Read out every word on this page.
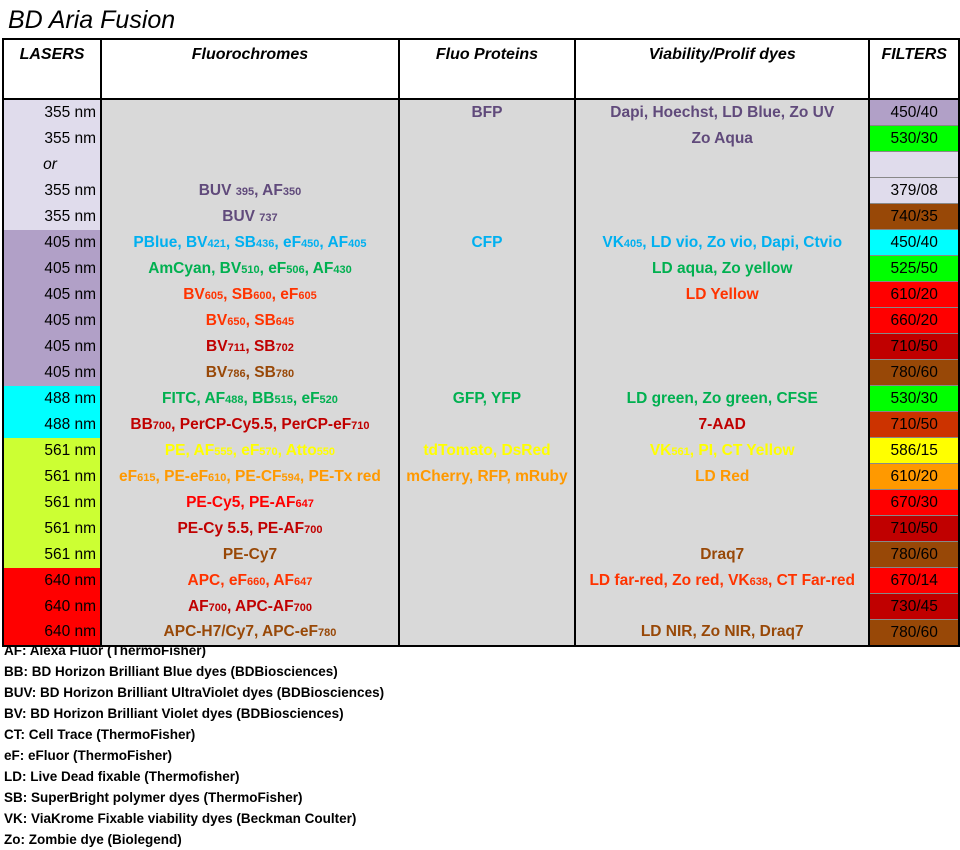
BD Aria Fusion
LASERS	Fluorochromes	Fluo Proteins	Viability/Prolif dyes	FILTERS
355 nm		BFP	Dapi, Hoechst, LD Blue, Zo UV	450/40
355 nm			Zo Aqua	530/30
or				
355 nm	BUV 395, AF350			379/08
355 nm	BUV 737			740/35
405 nm	PBlue, BV421, SB436, eF450, AF405	CFP	VK405, LD vio, Zo vio, Dapi, Ctvio	450/40
405 nm	AmCyan, BV510, eF506, AF430		LD aqua, Zo yellow	525/50
405 nm	BV605, SB600, eF605		LD Yellow	610/20
405 nm	BV650, SB645			660/20
405 nm	BV711, SB702			710/50
405 nm	BV786, SB780			780/60
488 nm	FITC, AF488, BB515, eF520	GFP, YFP	LD green, Zo green, CFSE	530/30
488 nm	BB700, PerCP-Cy5.5, PerCP-eF710		7-AAD	710/50
561 nm	PE, AF555, eF570, Atto550	tdTomato, DsRed	VK561, PI, CT Yellow	586/15
561 nm	eF615, PE-eF610, PE-CF594, PE-Tx red	mCherry, RFP, mRuby	LD Red	610/20
561 nm	PE-Cy5, PE-AF647			670/30
561 nm	PE-Cy 5.5, PE-AF700			710/50
561 nm	PE-Cy7		Draq7	780/60
640 nm	APC, eF660, AF647		LD far-red, Zo red, VK638, CT Far-red	670/14
640 nm	AF700, APC-AF700			730/45
640 nm	APC-H7/Cy7, APC-eF780		LD NIR, Zo NIR, Draq7	780/60
AF: Alexa Fluor (ThermoFisher)
BB: BD Horizon Brilliant Blue dyes (BDBiosciences)
BUV: BD Horizon Brilliant UltraViolet dyes (BDBiosciences)
BV: BD Horizon Brilliant Violet dyes (BDBiosciences)
CT: Cell Trace (ThermoFisher)
eF: eFluor (ThermoFisher)
LD: Live Dead fixable (Thermofisher)
SB: SuperBright polymer dyes (ThermoFisher)
VK: ViaKrome Fixable viability dyes (Beckman Coulter)
Zo: Zombie dye (Biolegend)
